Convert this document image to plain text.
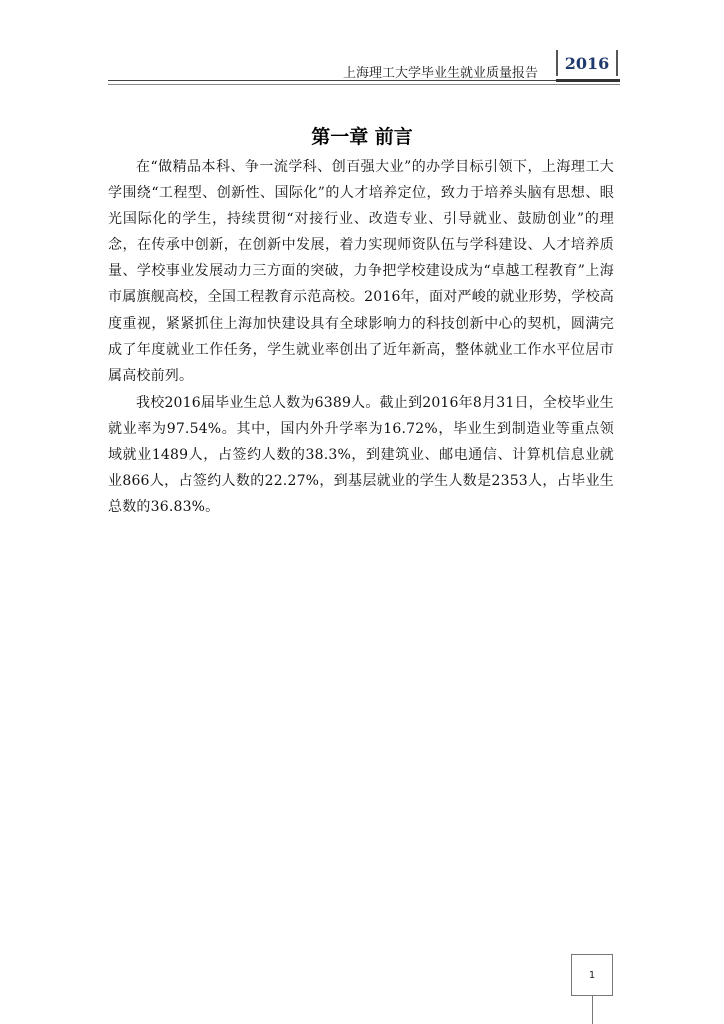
上海理工大学毕业生就业质量报告
2016
第一章 前言

在“做精品本科、争一流学科、创百强大业”的办学目标引领下，上海理工大学围绕“工程型、创新性、国际化”的人才培养定位，致力于培养头脑有思想、眼光国际化的学生，持续贯彻“对接行业、改造专业、引导就业、鼓励创业”的理念，在传承中创新，在创新中发展，着力实现师资队伍与学科建设、人才培养质量、学校事业发展动力三方面的突破，力争把学校建设成为“卓越工程教育”上海市属旗舰高校，全国工程教育示范高校。2016年，面对严峻的就业形势，学校高度重视，紧紧抓住上海加快建设具有全球影响力的科技创新中心的契机，圆满完成了年度就业工作任务，学生就业率创出了近年新高，整体就业工作水平位居市属高校前列。

我校2016届毕业生总人数为6389人。截止到2016年8月31日，全校毕业生就业率为97.54%。其中，国内外升学率为16.72%，毕业生到制造业等重点领域就业1489人，占签约人数的38.3%，到建筑业、邮电通信、计算机信息业就业866人，占签约人数的22.27%，到基层就业的学生人数是2353人，占毕业生总数的36.83%。

1
